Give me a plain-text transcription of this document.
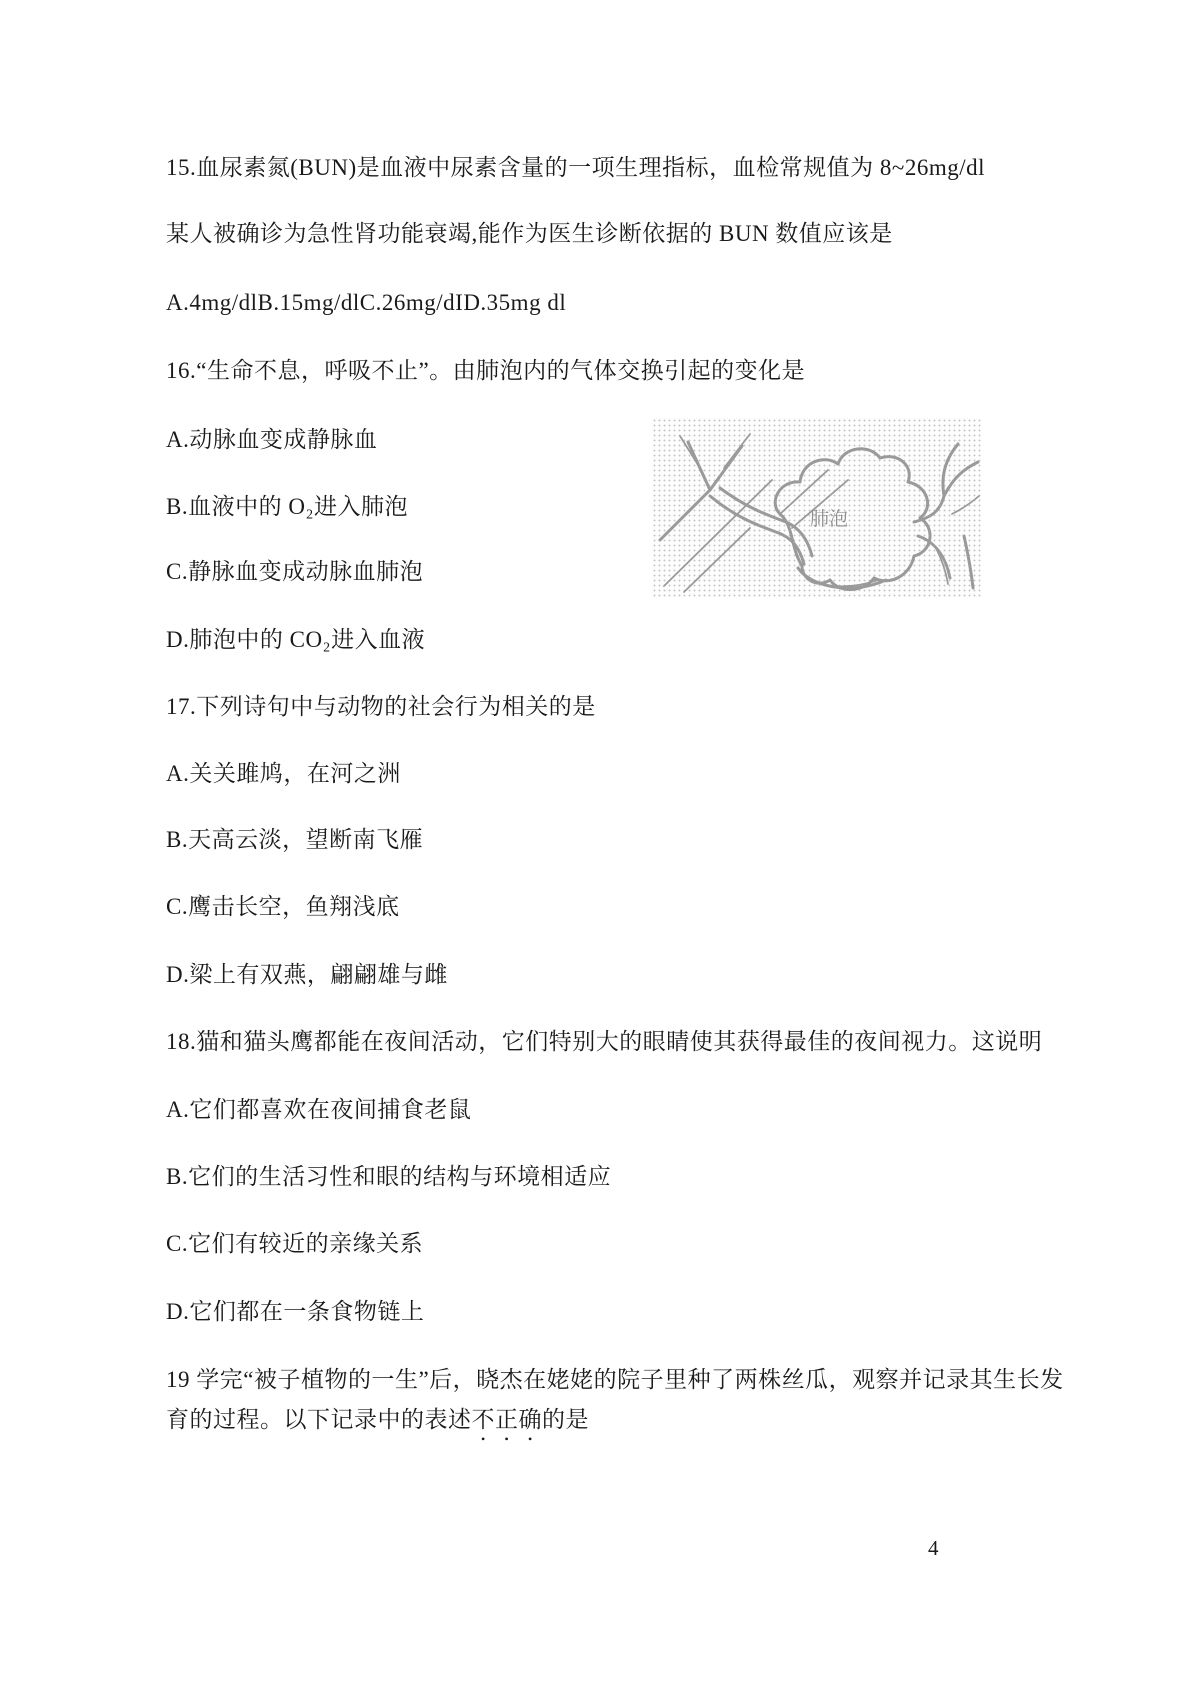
15.血尿素氮(BUN)是血液中尿素含量的一项生理指标，血检常规值为 8~26mg/dl
某人被确诊为急性肾功能衰竭,能作为医生诊断依据的 BUN 数值应该是
A.4mg/dlB.15mg/dlC.26mg/dID.35mg dl
16.“生命不息，呼吸不止”。由肺泡内的气体交换引起的变化是
A.动脉血变成静脉血
B.血液中的 O₂进入肺泡
C.静脉血变成动脉血肺泡
D.肺泡中的 CO₂进入血液
肺泡
17.下列诗句中与动物的社会行为相关的是
A.关关雎鸠，在河之洲
B.天高云淡，望断南飞雁
C.鹰击长空，鱼翔浅底
D.梁上有双燕，翩翩雄与雌
18.猫和猫头鹰都能在夜间活动，它们特别大的眼睛使其获得最佳的夜间视力。这说明
A.它们都喜欢在夜间捕食老鼠
B.它们的生活习性和眼的结构与环境相适应
C.它们有较近的亲缘关系
D.它们都在一条食物链上
19 学完“被子植物的一生”后，晓杰在姥姥的院子里种了两株丝瓜，观察并记录其生长发
育的过程。以下记录中的表述不正确的是
4
